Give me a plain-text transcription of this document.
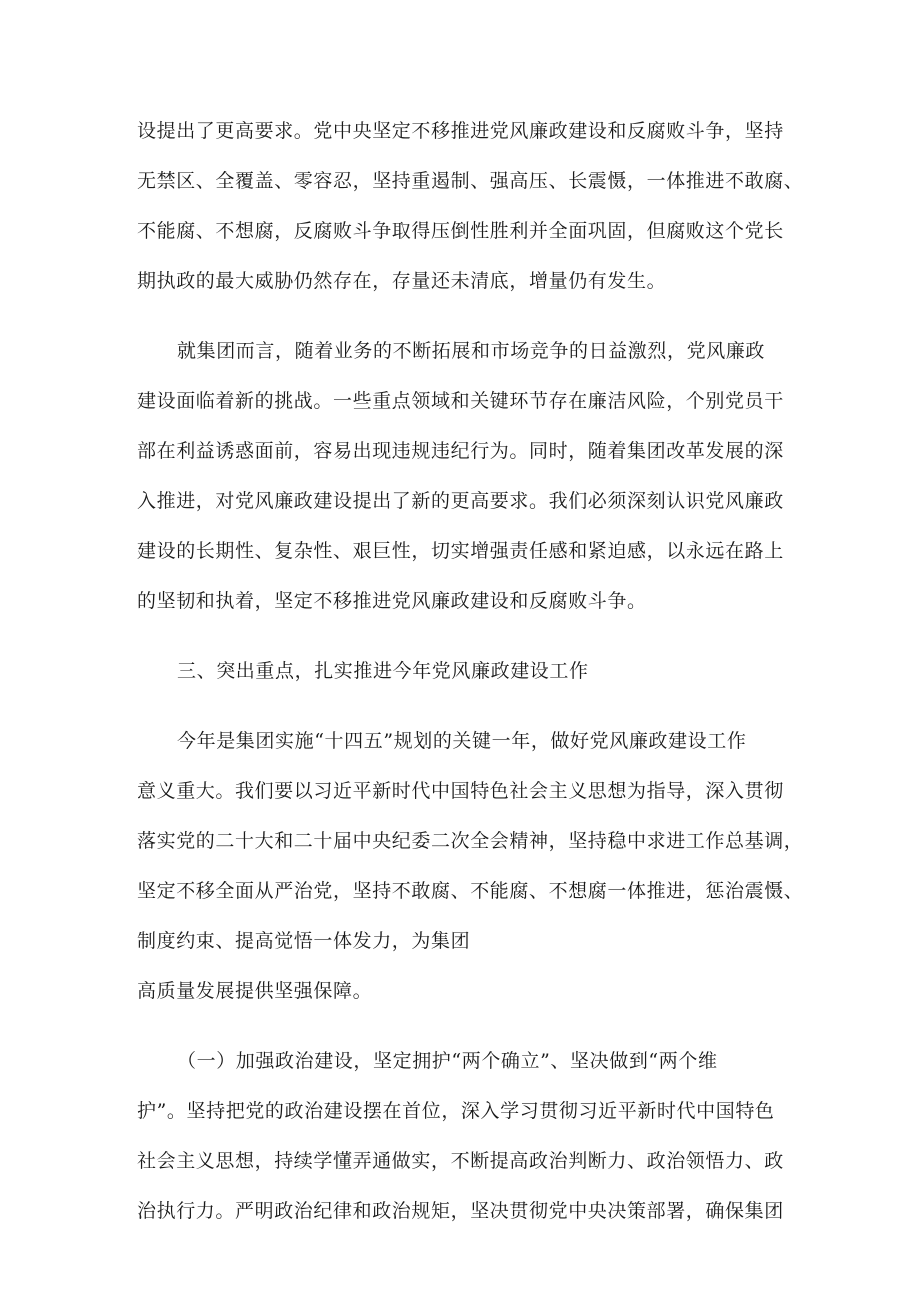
设提出了更高要求。党中央坚定不移推进党风廉政建设和反腐败斗争，坚持
无禁区、全覆盖、零容忍，坚持重遏制、强高压、长震慑，一体推进不敢腐、
不能腐、不想腐，反腐败斗争取得压倒性胜利并全面巩固，但腐败这个党长
期执政的最大威胁仍然存在，存量还未清底，增量仍有发生。
就集团而言，随着业务的不断拓展和市场竞争的日益激烈，党风廉政
建设面临着新的挑战。一些重点领域和关键环节存在廉洁风险，个别党员干
部在利益诱惑面前，容易出现违规违纪行为。同时，随着集团改革发展的深
入推进，对党风廉政建设提出了新的更高要求。我们必须深刻认识党风廉政
建设的长期性、复杂性、艰巨性，切实增强责任感和紧迫感，以永远在路上
的坚韧和执着，坚定不移推进党风廉政建设和反腐败斗争。
三、突出重点，扎实推进今年党风廉政建设工作
今年是集团实施“十四五”规划的关键一年，做好党风廉政建设工作
意义重大。我们要以习近平新时代中国特色社会主义思想为指导，深入贯彻
落实党的二十大和二十届中央纪委二次全会精神，坚持稳中求进工作总基调，
坚定不移全面从严治党，坚持不敢腐、不能腐、不想腐一体推进，惩治震慑、
制度约束、提高觉悟一体发力，为集团
高质量发展提供坚强保障。
（一）加强政治建设，坚定拥护“两个确立”、坚决做到“两个维
护”。坚持把党的政治建设摆在首位，深入学习贯彻习近平新时代中国特色
社会主义思想，持续学懂弄通做实，不断提高政治判断力、政治领悟力、政
治执行力。严明政治纪律和政治规矩，坚决贯彻党中央决策部署，确保集团
